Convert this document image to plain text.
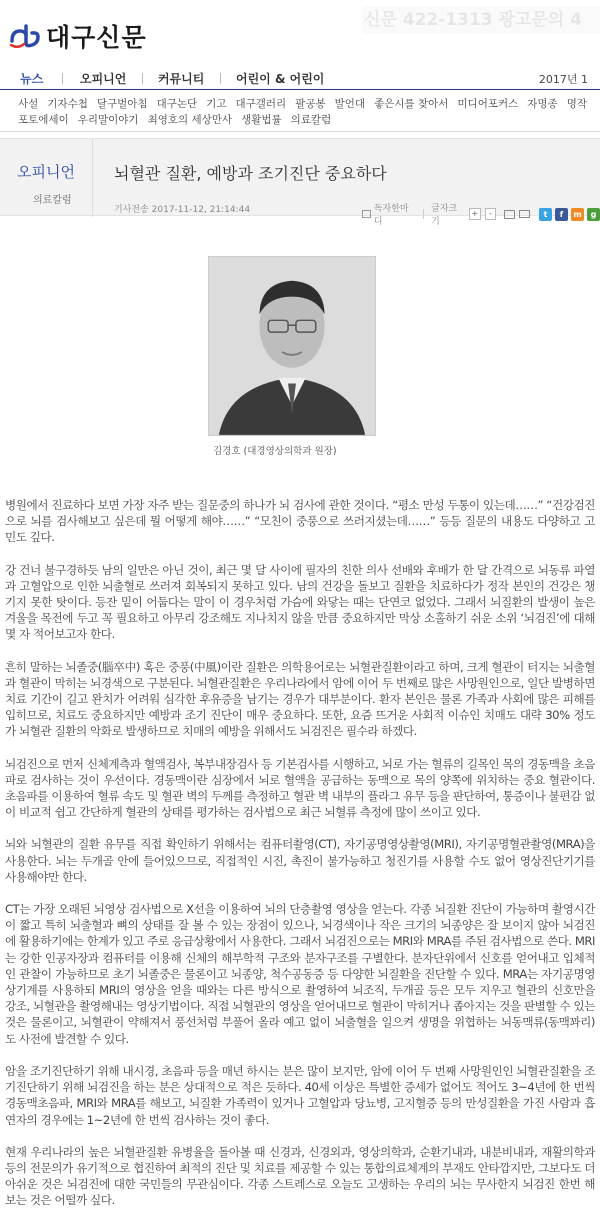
대구신문
신문 422-1313 광고문의 4
뉴스	오피니언	커뮤니티	어린이 & 어린이	2017년 1
사설 기자수첩 달구벌아침 대구논단 기고 대구갤러리 팔공봉 발언대 좋은시를 찾아서 미디어포커스 자명종 명작
포토에세이 우리말이야기 최영호의 세상만사 생활법률 의료칼럼
오피니언
의료칼럼
뇌혈관 질환, 예방과 조기진단 중요하다
기사전송 2017-11-12, 21:14:44	독자한마디
글자크기
+	-	t	f	m	g
김경호 (대경영상의학과 원장)

병원에서 진료하다 보면 가장 자주 받는 질문중의 하나가 뇌 검사에 관한 것이다. “평소 만성 두통이 있는데……” “건강검진으로 뇌를 검사해보고 싶은데 뭘 어떻게 해야……” “모친이 중풍으로 쓰러지셨는데……” 등등 질문의 내용도 다양하고 고민도 깊다.

강 건너 불구경하듯 남의 일만은 아닌 것이, 최근 몇 달 사이에 필자의 친한 의사 선배와 후배가 한 달 간격으로 뇌동류 파열과 고혈압으로 인한 뇌출혈로 쓰러져 회복되지 못하고 있다. 남의 건강을 돌보고 질환을 치료하다가 정작 본인의 건강은 챙기지 못한 탓이다. 등잔 밑이 어둡다는 말이 이 경우처럼 가슴에 와닿는 때는 단연코 없었다. 그래서 뇌질환의 발생이 높은 겨울을 목전에 두고 꼭 필요하고 아무리 강조해도 지나치지 않을 만큼 중요하지만 막상 소홀하기 쉬운 소위 ‘뇌검진’에 대해 몇 자 적어보고자 한다.

흔히 말하는 뇌졸중(腦卒中) 혹은 중풍(中風)이란 질환은 의학용어로는 뇌혈관질환이라고 하며, 크게 혈관이 터지는 뇌출혈과 혈관이 막히는 뇌경색으로 구분된다. 뇌혈관질환은 우리나라에서 암에 이어 두 번째로 많은 사망원인으로, 일단 발병하면 치료 기간이 길고 완치가 어려워 심각한 후유증을 남기는 경우가 대부분이다. 환자 본인은 물론 가족과 사회에 많은 피해를 입히므로, 치료도 중요하지만 예방과 조기 진단이 매우 중요하다. 또한, 요즘 뜨거운 사회적 이슈인 치매도 대략 30% 정도가 뇌혈관 질환의 악화로 발생하므로 치매의 예방을 위해서도 뇌검진은 필수라 하겠다.

뇌검진으로 먼저 신체계측과 혈액검사, 복부내장검사 등 기본검사를 시행하고, 뇌로 가는 혈류의 길목인 목의 경동맥을 초음파로 검사하는 것이 우선이다. 경동맥이란 심장에서 뇌로 혈액을 공급하는 동맥으로 목의 양쪽에 위치하는 중요 혈관이다. 초음파를 이용하여 혈류 속도 및 혈관 벽의 두께를 측정하고 혈관 벽 내부의 플라그 유무 등을 판단하여, 통증이나 불편감 없이 비교적 쉽고 간단하게 혈관의 상태를 평가하는 검사법으로 최근 뇌혈류 측정에 많이 쓰이고 있다.

뇌와 뇌혈관의 질환 유무를 직접 확인하기 위해서는 컴퓨터촬영(CT), 자기공명영상촬영(MRI), 자기공명혈관촬영(MRA)을 사용한다. 뇌는 두개골 안에 들어있으므로, 직접적인 시진, 촉진이 불가능하고 청진기를 사용할 수도 없어 영상진단기기를 사용해야만 한다.

CT는 가장 오래된 뇌영상 검사법으로 X선을 이용하여 뇌의 단층촬영 영상을 얻는다. 각종 뇌질환 진단이 가능하며 촬영시간이 짧고 특히 뇌출혈과 뼈의 상태를 잘 볼 수 있는 장점이 있으나, 뇌경색이나 작은 크기의 뇌종양은 잘 보이지 않아 뇌검진에 활용하기에는 한계가 있고 주로 응급상황에서 사용한다. 그래서 뇌검진으로는 MRI와 MRA를 주된 검사법으로 쓴다. MRI는 강한 인공자장과 컴퓨터를 이용해 신체의 해부학적 구조와 분자구조를 구별한다. 분자단위에서 신호를 얻어내고 입체적인 관찰이 가능하므로 초기 뇌졸중은 물론이고 뇌종양, 척수공동증 등 다양한 뇌질환을 진단할 수 있다. MRA는 자기공명영상기계를 사용하되 MRI의 영상을 얻을 때와는 다른 방식으로 촬영하여 뇌조직, 두개골 등은 모두 지우고 혈관의 신호만을 강조, 뇌혈관을 촬영해내는 영상기법이다. 직접 뇌혈관의 영상을 얻어내므로 혈관이 막히거나 좁아지는 것을 판별할 수 있는 것은 물론이고, 뇌혈관이 약해져서 풍선처럼 부풀어 올라 예고 없이 뇌출혈을 일으켜 생명을 위협하는 뇌동맥류(동맥꽈리)도 사전에 발견할 수 있다.

암을 조기진단하기 위해 내시경, 초음파 등을 매년 하시는 분은 많이 보지만, 암에 이어 두 번째 사망원인인 뇌혈관질환을 조기진단하기 위해 뇌검진을 하는 분은 상대적으로 적은 듯하다. 40세 이상은 특별한 증세가 없어도 적어도 3~4년에 한 번씩 경동맥초음파, MRI와 MRA를 해보고, 뇌질환 가족력이 있거나 고혈압과 당뇨병, 고지혈증 등의 만성질환을 가진 사람과 흡연자의 경우에는 1~2년에 한 번씩 검사하는 것이 좋다.

현재 우리나라의 높은 뇌혈관질환 유병율을 돌아볼 때 신경과, 신경외과, 영상의학과, 순환기내과, 내분비내과, 재활의학과 등의 전문의가 유기적으로 협진하여 최적의 진단 및 치료를 제공할 수 있는 통합의료체계의 부재도 안타깝지만, 그보다도 더 아쉬운 것은 뇌검진에 대한 국민들의 무관심이다. 각종 스트레스로 오늘도 고생하는 우리의 뇌는 무사한지 뇌검진 한번 해 보는 것은 어떨까 싶다.
